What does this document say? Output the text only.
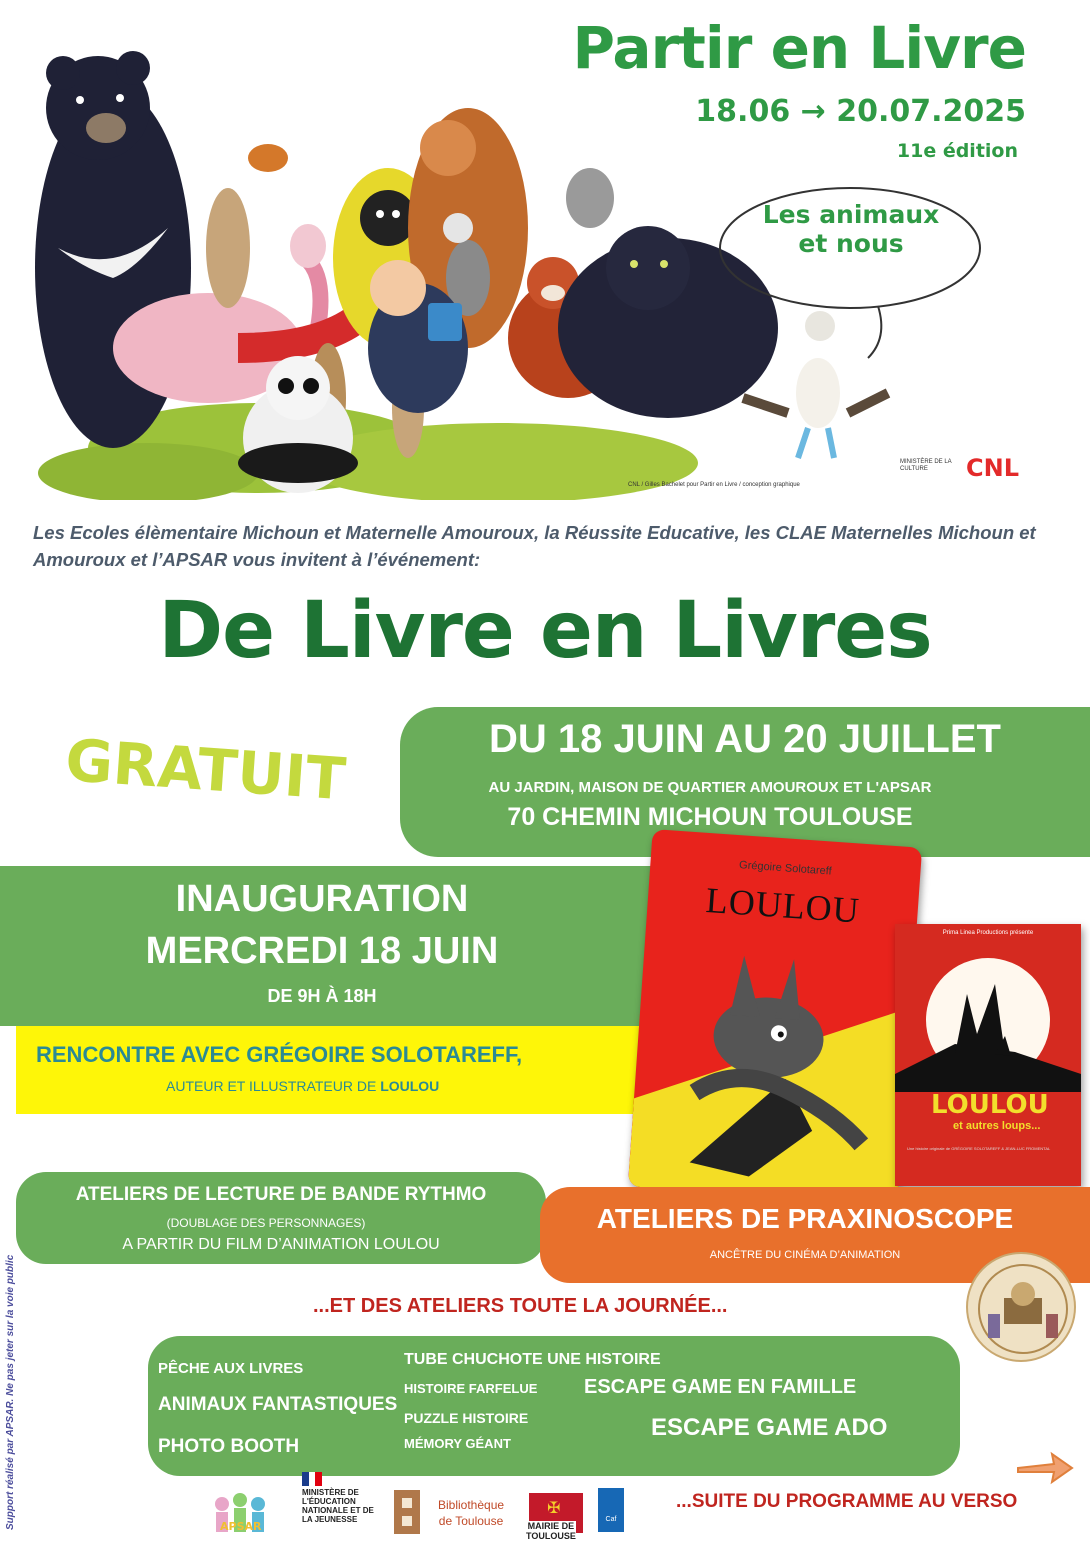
Partir en Livre
18.06 → 20.07.2025
11e édition
Les animaux
et nous
CNL / Gilles Bachelet pour Partir en Livre / conception graphique
MINISTÈRE DE LA CULTURE	CNL
Les Ecoles élèmentaire Michoun et Maternelle Amouroux, la Réussite Educative, les CLAE Maternelles Michoun et Amouroux et l’APSAR vous invitent à l’événement:
De Livre en Livres
GRATUIT	DU 18 JUIN AU 20 JUILLET
AU JARDIN, MAISON DE QUARTIER AMOUROUX ET L'APSAR
70 CHEMIN MICHOUN TOULOUSE
INAUGURATION
MERCREDI 18 JUIN
DE 9H À 18H
RENCONTRE AVEC GRÉGOIRE SOLOTAREFF,
AUTEUR ET ILLUSTRATEUR DE LOULOU
Grégoire Solotareff
LOULOU
Prima Linea Productions présente
LOULOU
et autres loups...
Une histoire originale de GRÉGOIRE SOLOTAREFF & JEAN-LUC FROMENTAL
ATELIERS DE LECTURE DE BANDE RYTHMO
(DOUBLAGE DES PERSONNAGES)
A PARTIR DU FILM D’ANIMATION LOULOU
ATELIERS DE PRAXINOSCOPE
ANCÊTRE DU CINÉMA D’ANIMATION
...ET DES ATELIERS TOUTE LA JOURNÉE...
PÊCHE AUX LIVRES
ANIMAUX FANTASTIQUES
PHOTO BOOTH
TUBE CHUCHOTE UNE HISTOIRE
HISTOIRE FARFELUE
PUZZLE HISTOIRE
MÉMORY GÉANT
ESCAPE GAME EN FAMILLE
ESCAPE GAME ADO
Support réalisé par APSAR. Ne pas jeter sur la voie public	APSAR
MINISTÈRE DE L'ÉDUCATION NATIONALE ET DE LA JEUNESSE
Bibliothèque
de Toulouse
✠
MAIRIE DE
TOULOUSE
Caf
...SUITE DU PROGRAMME AU VERSO
